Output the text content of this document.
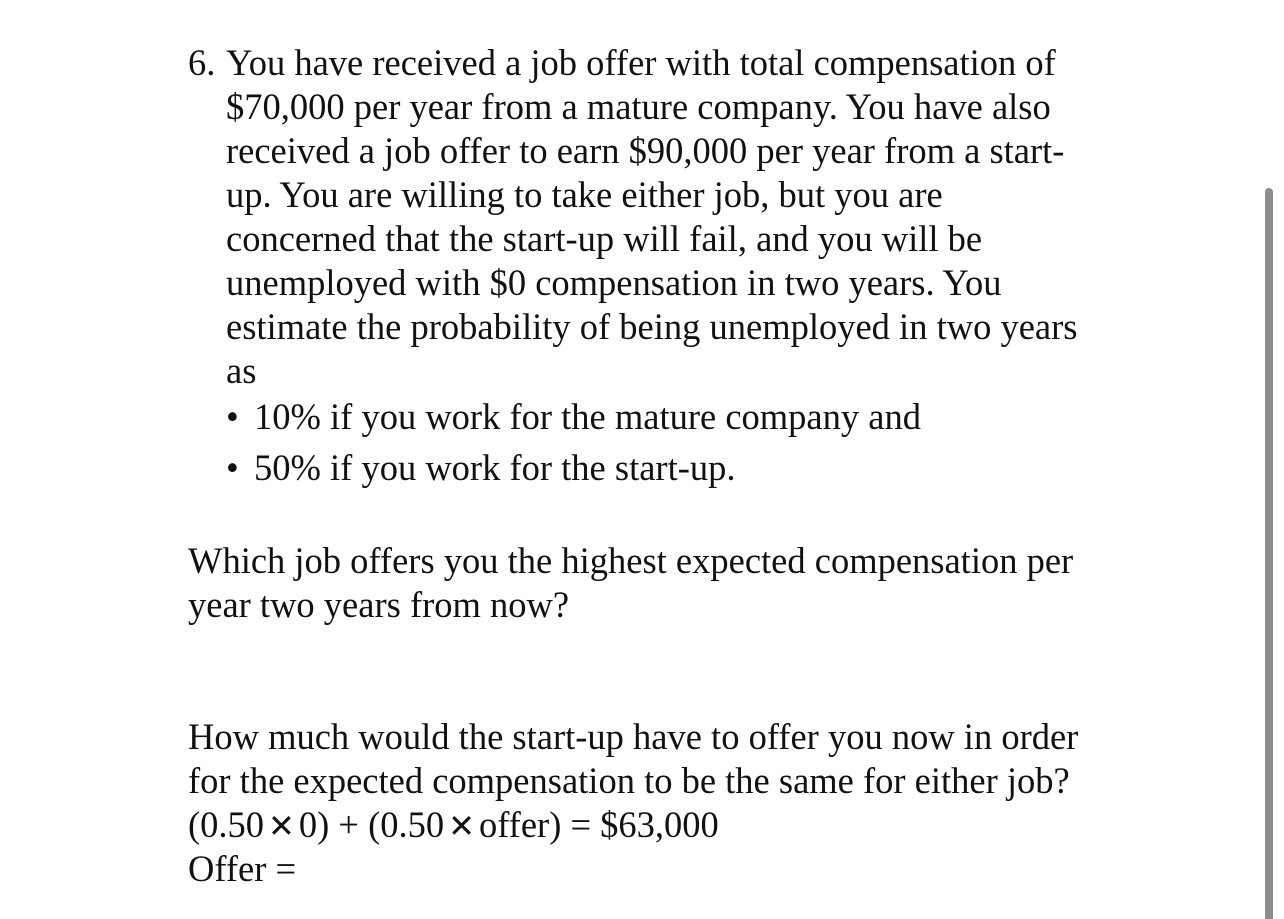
6. You have received a job offer with total compensation of
$70,000 per year from a mature company. You have also
received a job offer to earn $90,000 per year from a start-
up. You are willing to take either job, but you are
concerned that the start-up will fail, and you will be
unemployed with $0 compensation in two years. You
estimate the probability of being unemployed in two years
as
• 10% if you work for the mature company and
• 50% if you work for the start-up.
Which job offers you the highest expected compensation per
year two years from now?
How much would the start-up have to offer you now in order
for the expected compensation to be the same for either job?
(0.50 ✕ 0) + (0.50 ✕ offer) = $63,000
Offer =
